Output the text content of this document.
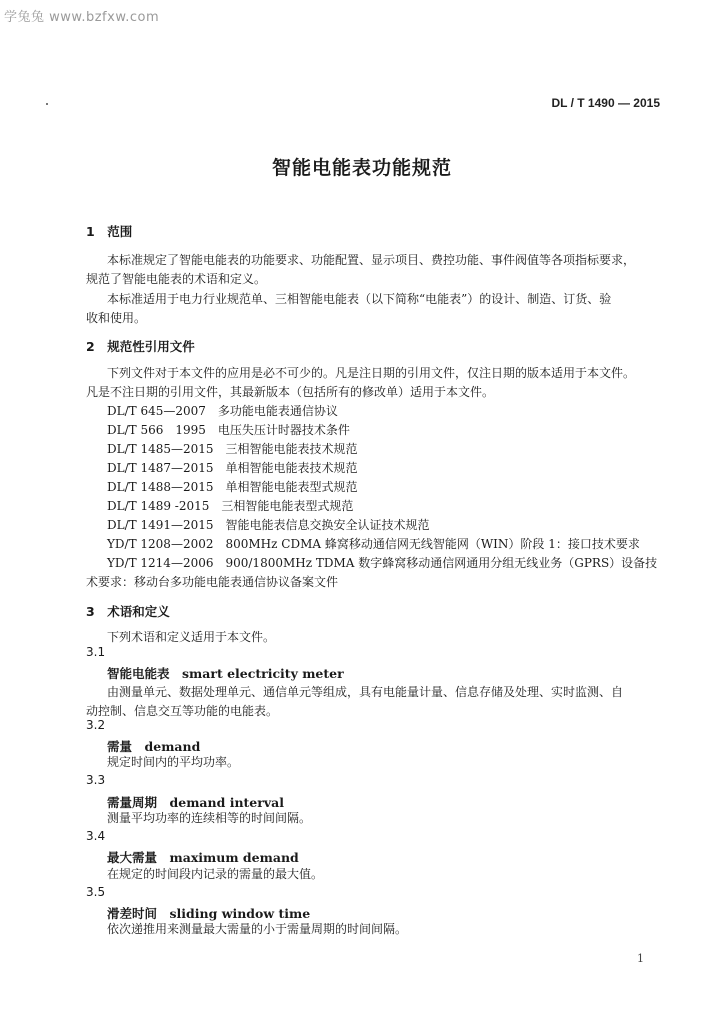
学兔兔 www.bzfxw.com
DL / T 1490 — 2015
智能电能表功能规范
1　范围
本标准规定了智能电能表的功能要求、功能配置、显示项目、费控功能、事件阀值等各项指标要求，
规范了智能电能表的术语和定义。
本标准适用于电力行业规范单、三相智能电能表（以下简称“电能表”）的设计、制造、订货、验
收和使用。
2　规范性引用文件
下列文件对于本文件的应用是必不可少的。凡是注日期的引用文件，仅注日期的版本适用于本文件。
凡是不注日期的引用文件，其最新版本（包括所有的修改单）适用于本文件。
DL/T 645—2007　多功能电能表通信协议
DL/T 566　1995　电压失压计时器技术条件
DL/T 1485—2015　三相智能电能表技术规范
DL/T 1487—2015　单相智能电能表技术规范
DL/T 1488—2015　单相智能电能表型式规范
DL/T 1489 -2015　三相智能电能表型式规范
DL/T 1491—2015　智能电能表信息交换安全认证技术规范
YD/T 1208—2002　800MHz CDMA 蜂窝移动通信网无线智能网（WIN）阶段 1：接口技术要求
YD/T 1214—2006　900/1800MHz TDMA 数字蜂窝移动通信网通用分组无线业务（GPRS）设备技
术要求：移动台多功能电能表通信协议备案文件
3　术语和定义
下列术语和定义适用于本文件。
3.1
智能电能表　smart electricity meter
由测量单元、数据处理单元、通信单元等组成，具有电能量计量、信息存储及处理、实时监测、自
动控制、信息交互等功能的电能表。
3.2
需量　demand
规定时间内的平均功率。
3.3
需量周期　demand interval
测量平均功率的连续相等的时间间隔。
3.4
最大需量　maximum demand
在规定的时间段内记录的需量的最大值。
3.5
滑差时间　sliding window time
依次递推用来测量最大需量的小于需量周期的时间间隔。
1
